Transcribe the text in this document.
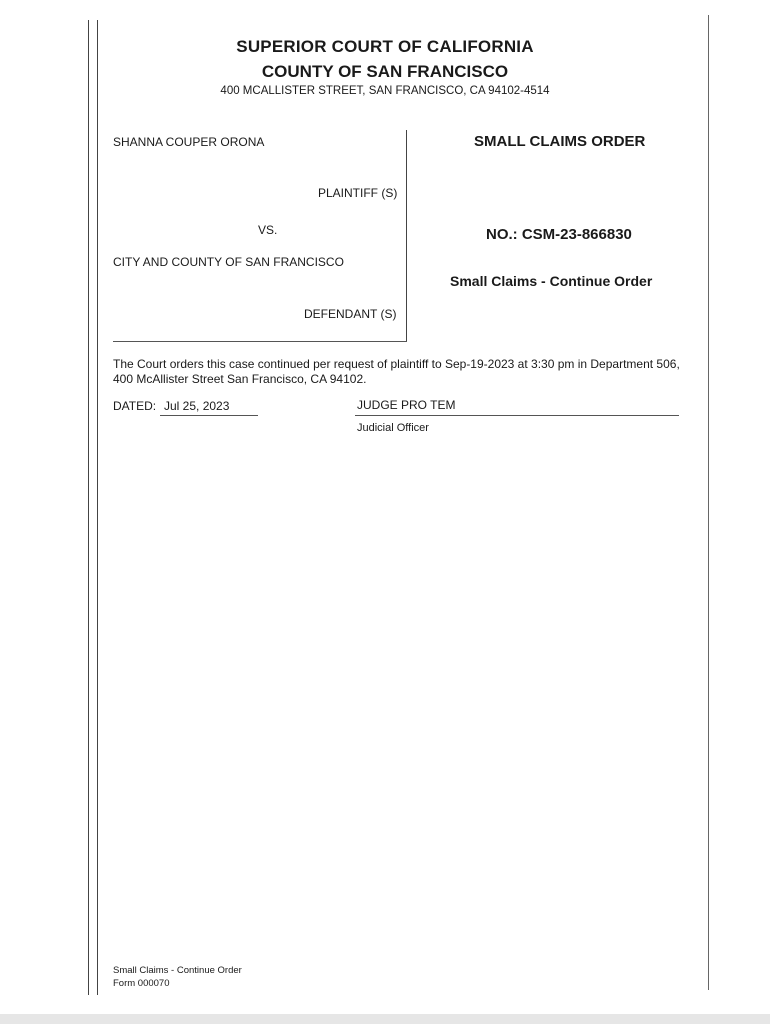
SUPERIOR COURT OF CALIFORNIA
COUNTY OF SAN FRANCISCO
400 MCALLISTER STREET, SAN FRANCISCO, CA 94102-4514
SHANNA COUPER ORONA
PLAINTIFF (S)
VS.
CITY AND COUNTY OF SAN FRANCISCO
DEFENDANT (S)
SMALL CLAIMS ORDER
NO.: CSM-23-866830
Small Claims - Continue Order
The Court orders this case continued per request of plaintiff to Sep-19-2023 at 3:30 pm in Department 506, 400 McAllister Street San Francisco, CA 94102.
DATED: Jul 25, 2023	JUDGE PRO TEM
Judicial Officer
Small Claims - Continue Order
Form 000070
